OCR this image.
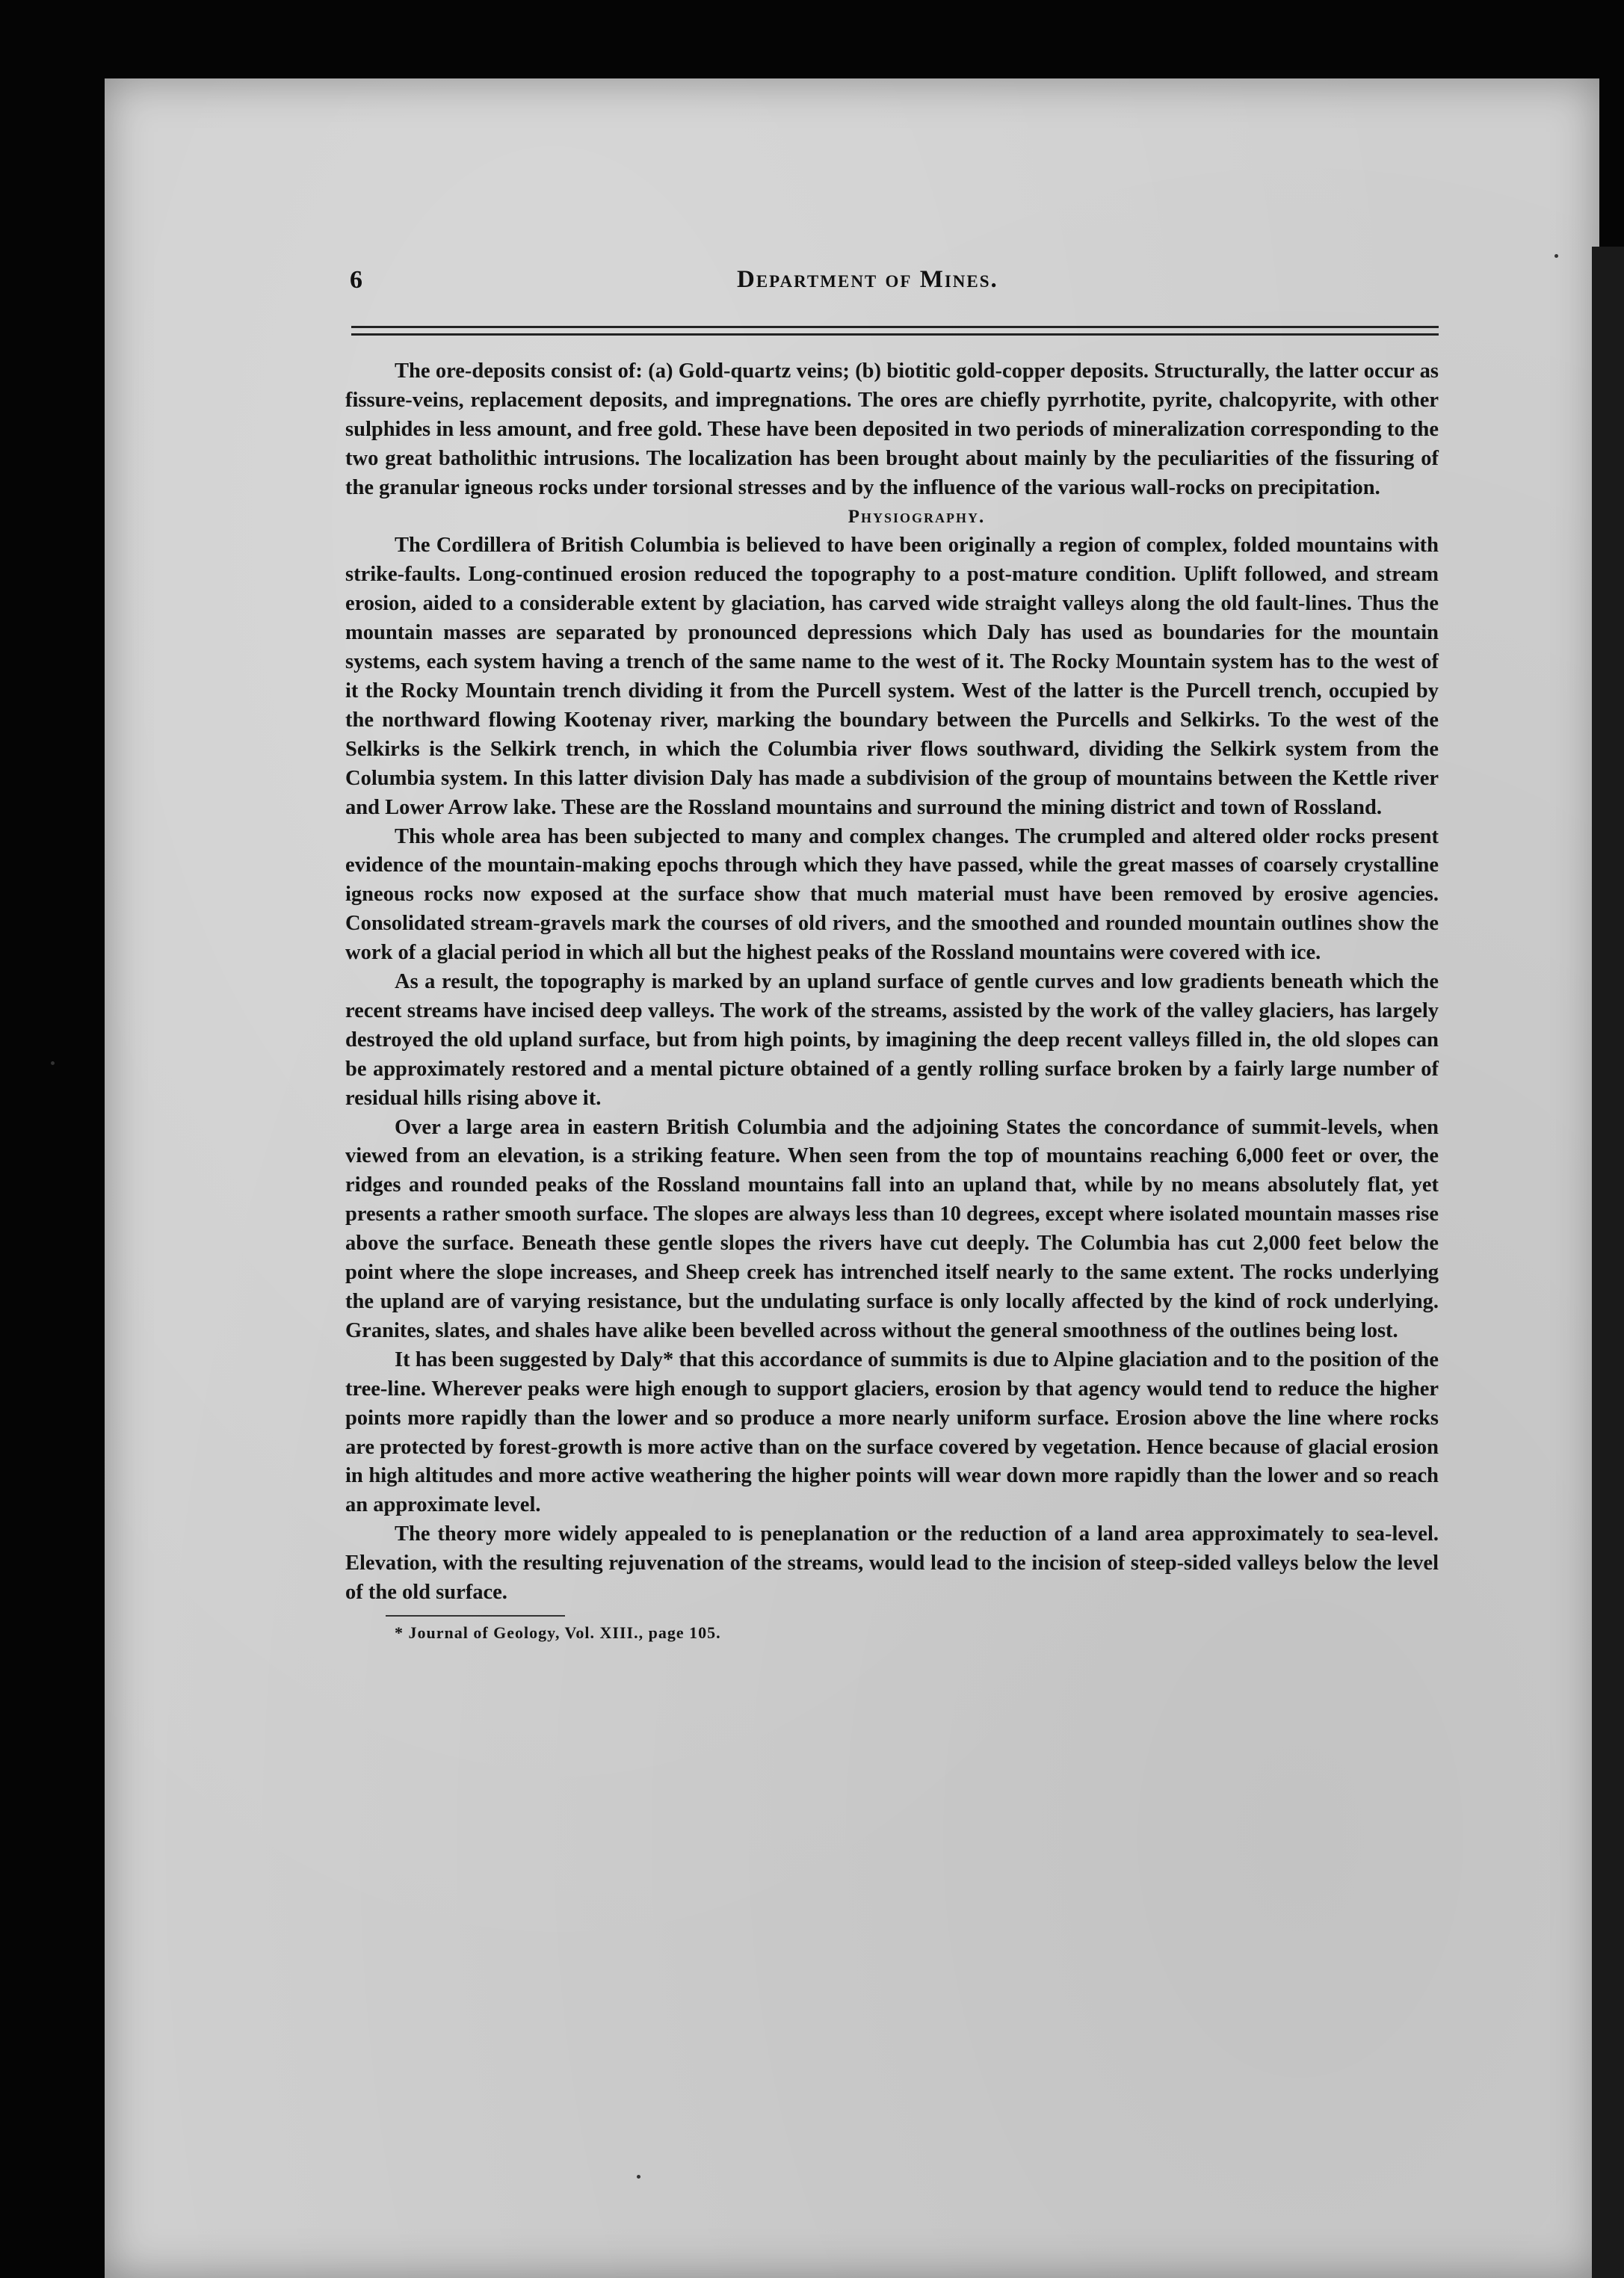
6	Department of Mines.

The ore-deposits consist of: (a) Gold-quartz veins; (b) biotitic gold-copper deposits. Structurally, the latter occur as fissure-veins, replacement deposits, and impregnations. The ores are chiefly pyrrhotite, pyrite, chalcopyrite, with other sulphides in less amount, and free gold. These have been deposited in two periods of mineralization corresponding to the two great batholithic intrusions. The localization has been brought about mainly by the peculiarities of the fissuring of the granular igneous rocks under torsional stresses and by the influence of the various wall-rocks on precipitation.

Physiography.

The Cordillera of British Columbia is believed to have been originally a region of complex, folded mountains with strike-faults. Long-continued erosion reduced the topography to a post-mature condition. Uplift followed, and stream erosion, aided to a considerable extent by glaciation, has carved wide straight valleys along the old fault-lines. Thus the mountain masses are separated by pronounced depressions which Daly has used as boundaries for the mountain systems, each system having a trench of the same name to the west of it. The Rocky Mountain system has to the west of it the Rocky Mountain trench dividing it from the Purcell system. West of the latter is the Purcell trench, occupied by the northward flowing Kootenay river, marking the boundary between the Purcells and Selkirks. To the west of the Selkirks is the Selkirk trench, in which the Columbia river flows southward, dividing the Selkirk system from the Columbia system. In this latter division Daly has made a subdivision of the group of mountains between the Kettle river and Lower Arrow lake. These are the Rossland mountains and surround the mining district and town of Rossland.

This whole area has been subjected to many and complex changes. The crumpled and altered older rocks present evidence of the mountain-making epochs through which they have passed, while the great masses of coarsely crystalline igneous rocks now exposed at the surface show that much material must have been removed by erosive agencies. Consolidated stream-gravels mark the courses of old rivers, and the smoothed and rounded mountain outlines show the work of a glacial period in which all but the highest peaks of the Rossland mountains were covered with ice.

As a result, the topography is marked by an upland surface of gentle curves and low gradients beneath which the recent streams have incised deep valleys. The work of the streams, assisted by the work of the valley glaciers, has largely destroyed the old upland surface, but from high points, by imagining the deep recent valleys filled in, the old slopes can be approximately restored and a mental picture obtained of a gently rolling surface broken by a fairly large number of residual hills rising above it.

Over a large area in eastern British Columbia and the adjoining States the concordance of summit-levels, when viewed from an elevation, is a striking feature. When seen from the top of mountains reaching 6,000 feet or over, the ridges and rounded peaks of the Rossland mountains fall into an upland that, while by no means absolutely flat, yet presents a rather smooth surface. The slopes are always less than 10 degrees, except where isolated mountain masses rise above the surface. Beneath these gentle slopes the rivers have cut deeply. The Columbia has cut 2,000 feet below the point where the slope increases, and Sheep creek has intrenched itself nearly to the same extent. The rocks underlying the upland are of varying resistance, but the undulating surface is only locally affected by the kind of rock underlying. Granites, slates, and shales have alike been bevelled across without the general smoothness of the outlines being lost.

It has been suggested by Daly* that this accordance of summits is due to Alpine glaciation and to the position of the tree-line. Wherever peaks were high enough to support glaciers, erosion by that agency would tend to reduce the higher points more rapidly than the lower and so produce a more nearly uniform surface. Erosion above the line where rocks are protected by forest-growth is more active than on the surface covered by vegetation. Hence because of glacial erosion in high altitudes and more active weathering the higher points will wear down more rapidly than the lower and so reach an approximate level.

The theory more widely appealed to is peneplanation or the reduction of a land area approximately to sea-level. Elevation, with the resulting rejuvenation of the streams, would lead to the incision of steep-sided valleys below the level of the old surface.

* Journal of Geology, Vol. XIII., page 105.
